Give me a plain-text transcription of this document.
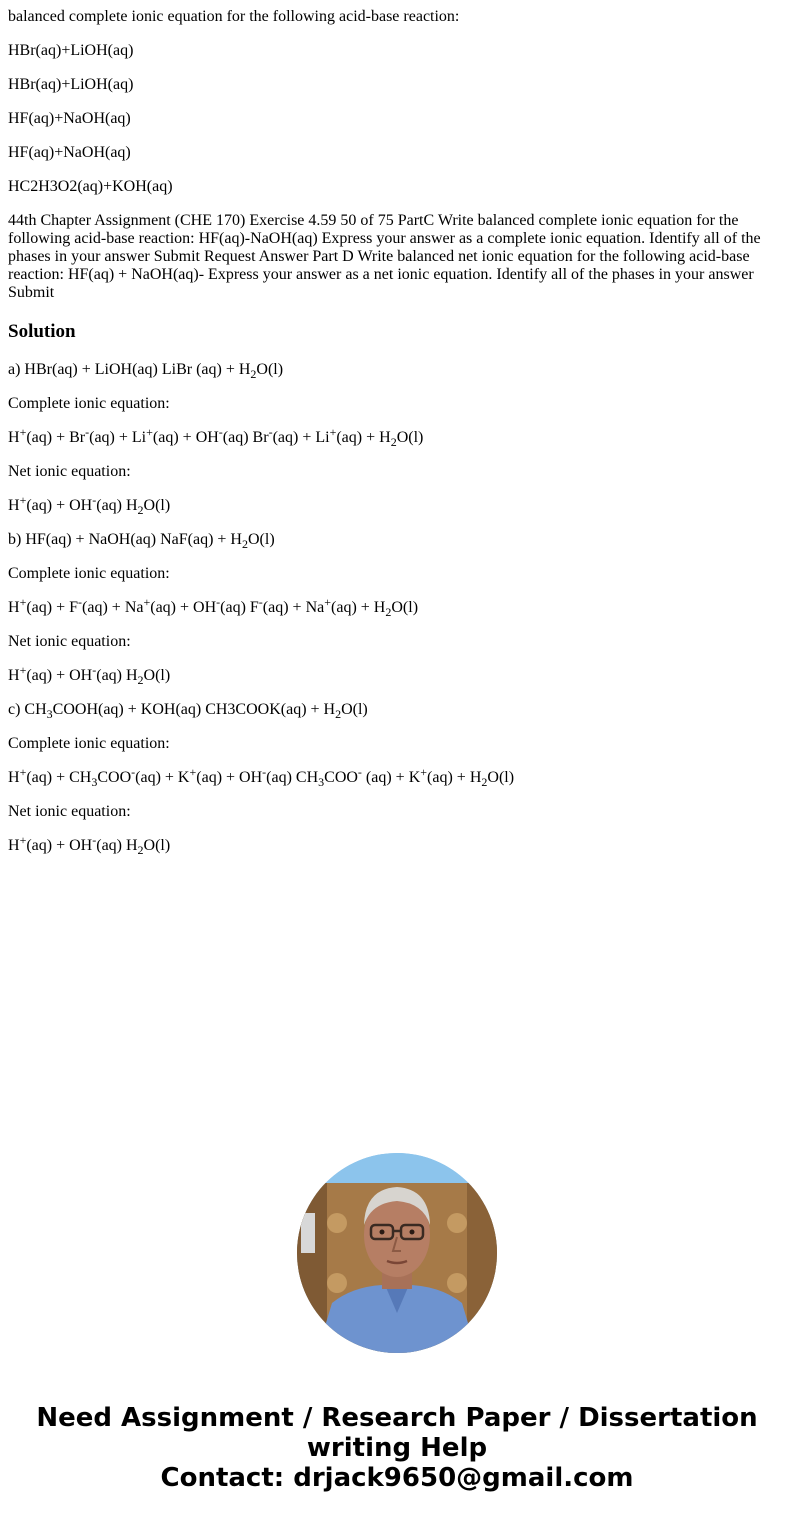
balanced complete ionic equation for the following acid-base reaction:

HBr(aq)+LiOH(aq)

HBr(aq)+LiOH(aq)

HF(aq)+NaOH(aq)

HF(aq)+NaOH(aq)

HC2H3O2(aq)+KOH(aq)

44th Chapter Assignment (CHE 170) Exercise 4.59 50 of 75 PartC Write balanced complete ionic equation for the following acid-base reaction: HF(aq)-NaOH(aq) Express your answer as a complete ionic equation. Identify all of the phases in your answer Submit Request Answer Part D Write balanced net ionic equation for the following acid-base reaction: HF(aq) + NaOH(aq)- Express your answer as a net ionic equation. Identify all of the phases in your answer Submit

Solution

a) HBr(aq) + LiOH(aq) LiBr $(aq) + H_2O(l)$

Complete ionic equation:

H+(aq) + Br-(aq) + Li+(aq) + OH-(aq) $Br^-(aq) + Li^+(aq) + H_2O(l)$

Net ionic equation:

H+(aq) + OH-(aq) $H_2O(l)$

b) HF(aq) + NaOH(aq) $NaF(aq) + H_2O(l)$

Complete ionic equation:

H+(aq) + F-(aq) + Na+(aq) + OH-(aq) $F^-(aq) + Na^+(aq) + H_2O(l)$

Net ionic equation:

H+(aq) + OH-(aq) $H_2O(l)$

c) $CH_3COOH(aq) + KOH(aq)$ CH3COOK(aq) + $H_2O(l)$

Complete ionic equation:

$H^+(aq) + CH_3COO^-(aq) + K^+(aq) + OH^-(aq)$ $CH_3COO^-$ $(aq) + K^+(aq) + H_2O(l)$

Net ionic equation:

H+(aq) + OH-(aq) $H_2O(l)$

Need Assignment / Research Paper / Dissertation
writing Help
Contact: drjack9650@gmail.com
